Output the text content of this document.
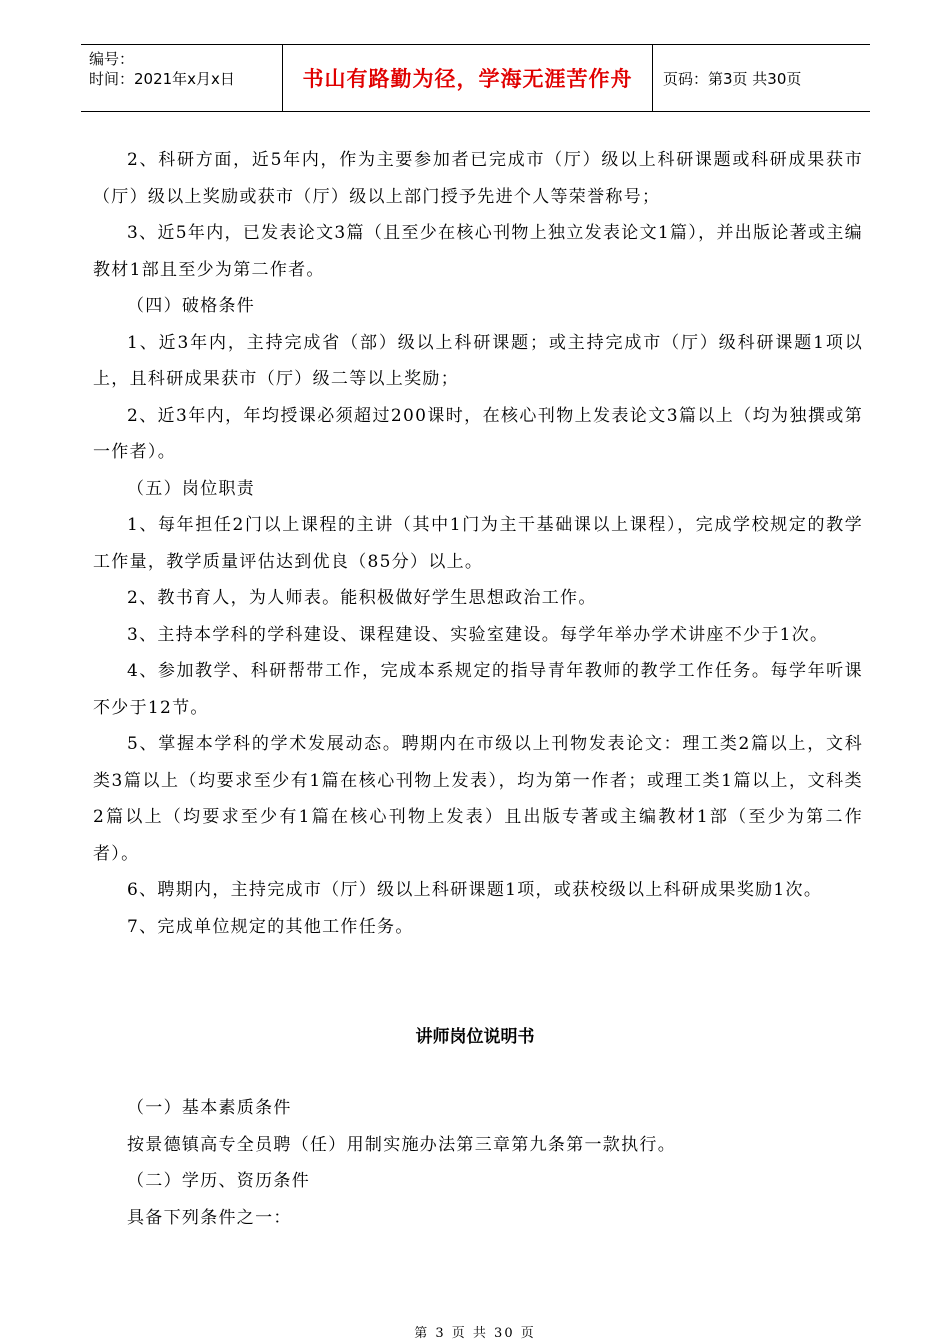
编号：
时间：2021年x月x日	书山有路勤为径，学海无涯苦作舟	页码：第3页 共30页

2、科研方面，近5年内，作为主要参加者已完成市（厅）级以上科研课题或科研成果获市（厅）级以上奖励或获市（厅）级以上部门授予先进个人等荣誉称号；

3、近5年内，已发表论文3篇（且至少在核心刊物上独立发表论文1篇），并出版论著或主编教材1部且至少为第二作者。

（四）破格条件

1、近3年内，主持完成省（部）级以上科研课题；或主持完成市（厅）级科研课题1项以上，且科研成果获市（厅）级二等以上奖励；

2、近3年内，年均授课必须超过200课时，在核心刊物上发表论文3篇以上（均为独撰或第一作者）。

（五）岗位职责

1、每年担任2门以上课程的主讲（其中1门为主干基础课以上课程），完成学校规定的教学工作量，教学质量评估达到优良（85分）以上。

2、教书育人，为人师表。能积极做好学生思想政治工作。

3、主持本学科的学科建设、课程建设、实验室建设。每学年举办学术讲座不少于1次。

4、参加教学、科研帮带工作，完成本系规定的指导青年教师的教学工作任务。每学年听课不少于12节。

5、掌握本学科的学术发展动态。聘期内在市级以上刊物发表论文：理工类2篇以上，文科类3篇以上（均要求至少有1篇在核心刊物上发表），均为第一作者；或理工类1篇以上，文科类2篇以上（均要求至少有1篇在核心刊物上发表）且出版专著或主编教材1部（至少为第二作者）。

6、聘期内，主持完成市（厅）级以上科研课题1项，或获校级以上科研成果奖励1次。

7、完成单位规定的其他工作任务。

讲师岗位说明书

（一）基本素质条件

按景德镇高专全员聘（任）用制实施办法第三章第九条第一款执行。

（二）学历、资历条件

具备下列条件之一：

第 3 页 共 30 页
